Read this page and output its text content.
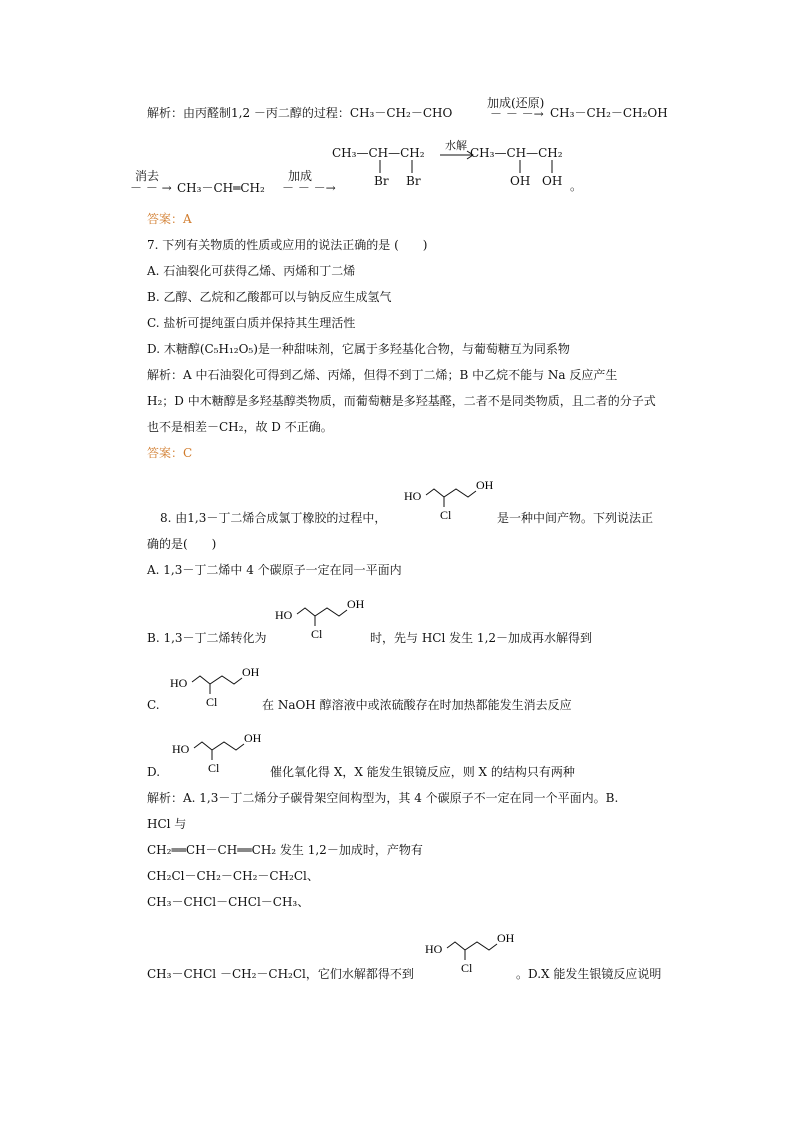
解析：由丙醛制1,2 －丙二醇的过程：CH₃－CH₂－CHO
加成(还原)
－ － －→ CH₃－CH₂－CH₂OH
消去
－ － → CH₃－CH═CH₂
加成
－ － －→
CH₃—CH—CH₂
Br Br
水解
CH₃—CH—CH₂
OH OH 。
答案：A
7. 下列有关物质的性质或应用的说法正确的是 (　　)
A. 石油裂化可获得乙烯、丙烯和丁二烯
B. 乙醇、乙烷和乙酸都可以与钠反应生成氢气
C. 盐析可提纯蛋白质并保持其生理活性
D. 木糖醇(C₅H₁₂O₅)是一种甜味剂，它属于多羟基化合物，与葡萄糖互为同系物
解析：A 中石油裂化可得到乙烯、丙烯，但得不到丁二烯；B 中乙烷不能与 Na 反应产生
H₂；D 中木糖醇是多羟基醇类物质，而葡萄糖是多羟基醛，二者不是同类物质，且二者的分子式
也不是相差－CH₂，故 D 不正确。
答案：C
8. 由1,3－丁二烯合成氯丁橡胶的过程中，	是一种中间产物。下列说法正
确的是(　　)
A. 1,3－丁二烯中 4 个碳原子一定在同一平面内
B. 1,3－丁二烯转化为	时，先与 HCl 发生 1,2－加成再水解得到
C.	在 NaOH 醇溶液中或浓硫酸存在时加热都能发生消去反应
D.	催化氧化得 X，X 能发生银镜反应，则 X 的结构只有两种
解析：A. 1,3－丁二烯分子碳骨架空间构型为，其 4 个碳原子不一定在同一个平面内。B.
HCl 与
CH₂══CH－CH══CH₂ 发生 1,2－加成时，产物有
CH₂Cl－CH₂－CH₂－CH₂Cl、
CH₃－CHCl－CHCl－CH₃、
CH₃－CHCl －CH₂－CH₂Cl，它们水解都得不到	。D.X 能发生银镜反应说明
HO
OH
Cl
HO
OH
Cl
HO
OH
Cl
HO
OH
Cl
HO
OH
Cl
